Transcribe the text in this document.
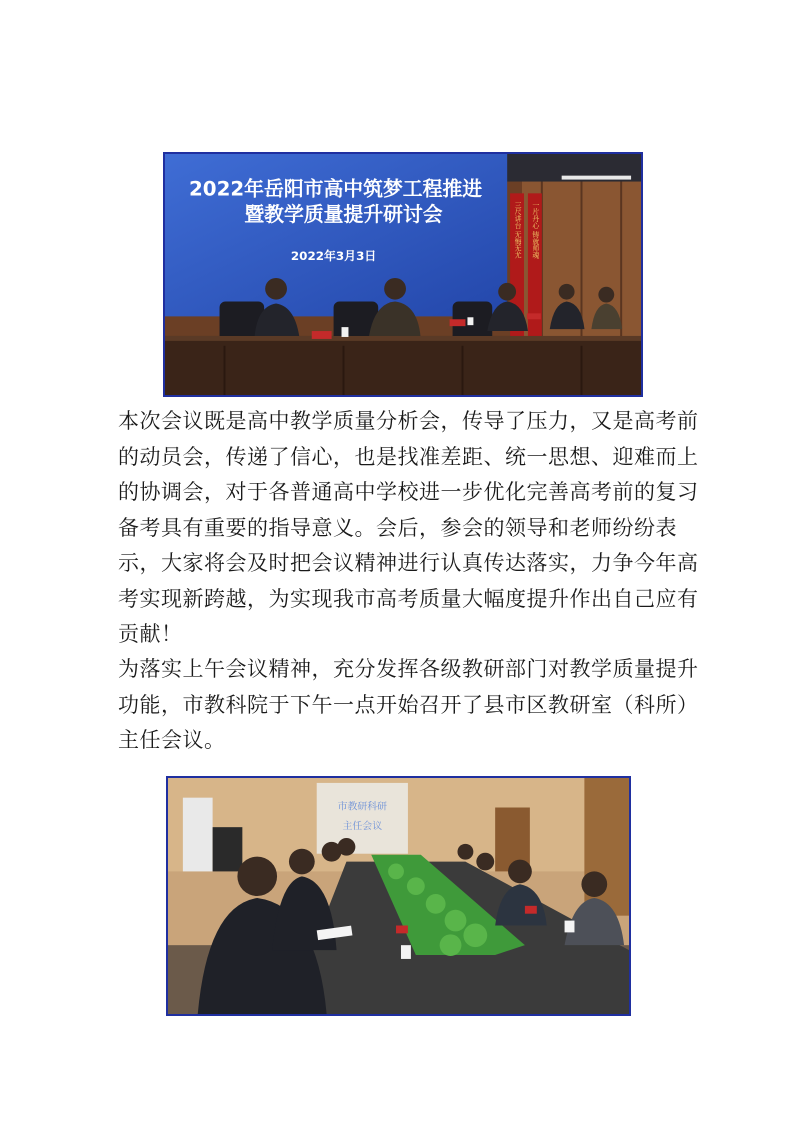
2022年岳阳市高中筑梦工程推进
暨教学质量提升研讨会
2022年3月3日	三尺讲台 无悔无尤 一片丹心 铸就师魂

本次会议既是高中教学质量分析会，传导了压力，又是高考前的动员会，传递了信心，也是找准差距、统一思想、迎难而上的协调会，对于各普通高中学校进一步优化完善高考前的复习备考具有重要的指导意义。会后，参会的领导和老师纷纷表示，大家将会及时把会议精神进行认真传达落实，力争今年高考实现新跨越，为实现我市高考质量大幅度提升作出自己应有贡献！

为落实上午会议精神，充分发挥各级教研部门对教学质量提升功能，市教科院于下午一点开始召开了县市区教研室（科所）主任会议。

市教研科研
主任会议
